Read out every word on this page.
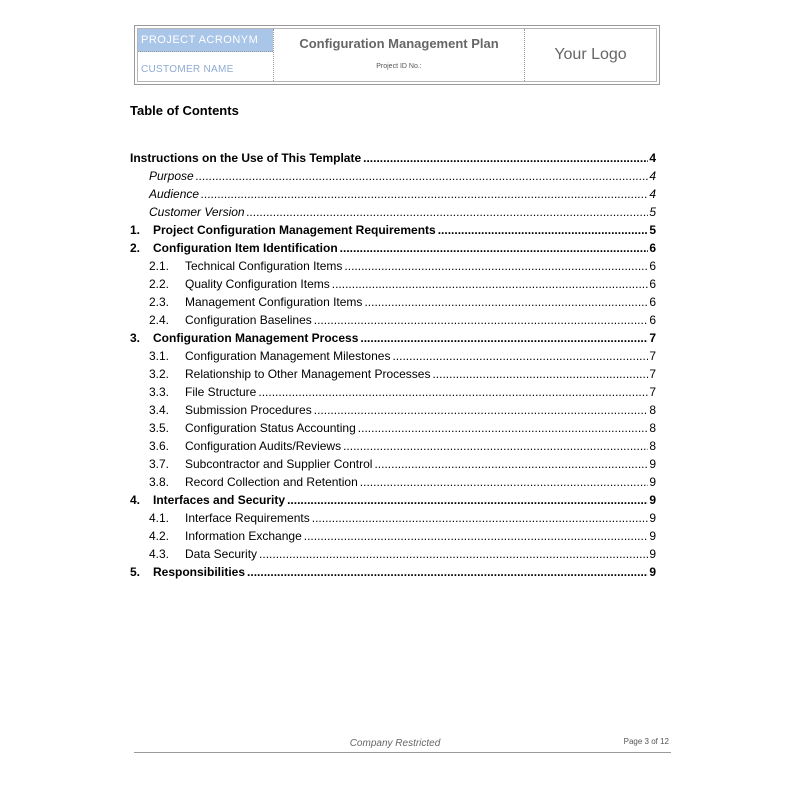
PROJECT ACRONYM
CUSTOMER NAME
Configuration Management Plan
Project ID No.:
Your Logo
Table of Contents
Instructions on the Use of This Template .....	4
Purpose .....	4
Audience .....	4
Customer Version .....	5
1.	Project Configuration Management Requirements .....	5
2.	Configuration Item Identification .....	6
2.1.	Technical Configuration Items .....	6
2.2.	Quality Configuration Items .....	6
2.3.	Management Configuration Items .....	6
2.4.	Configuration Baselines .....	6
3.	Configuration Management Process .....	7
3.1.	Configuration Management Milestones .....	7
3.2.	Relationship to Other Management Processes .....	7
3.3.	File Structure .....	7
3.4.	Submission Procedures .....	8
3.5.	Configuration Status Accounting .....	8
3.6.	Configuration Audits/Reviews .....	8
3.7.	Subcontractor and Supplier Control .....	9
3.8.	Record Collection and Retention .....	9
4.	Interfaces and Security .....	9
4.1.	Interface Requirements .....	9
4.2.	Information Exchange .....	9
4.3.	Data Security .....	9
5.	Responsibilities .....	9
Company Restricted	Page 3 of 12
